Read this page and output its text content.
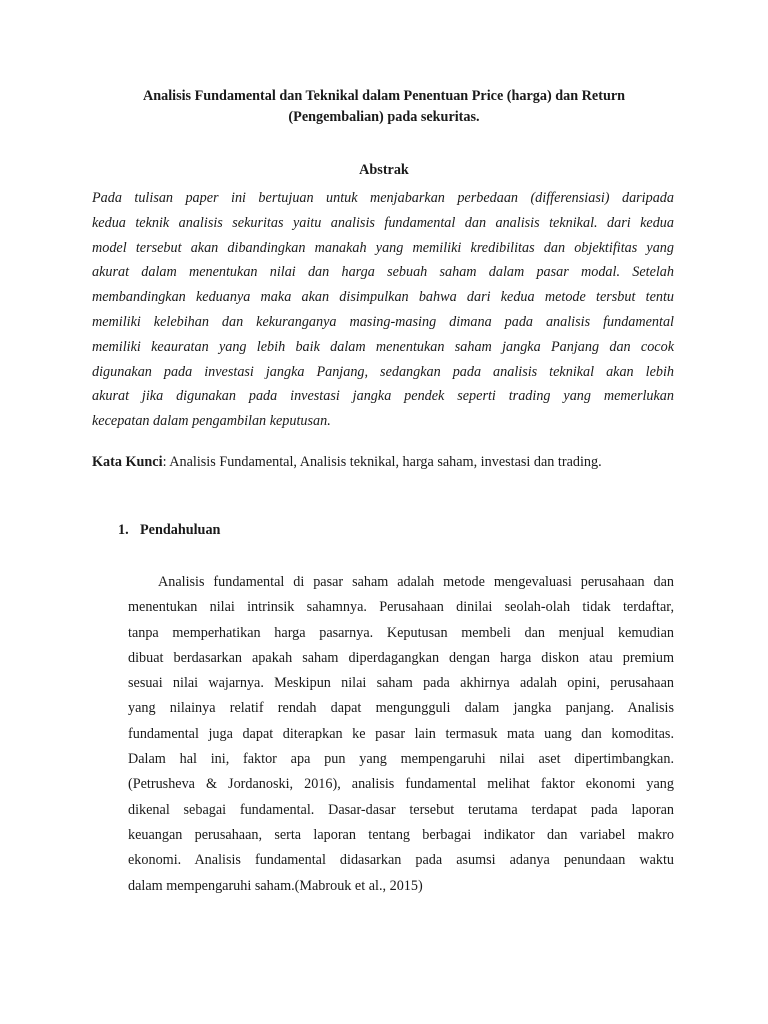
Analisis Fundamental dan Teknikal dalam Penentuan Price (harga) dan Return
(Pengembalian) pada sekuritas.
Abstrak
Pada tulisan paper ini bertujuan untuk menjabarkan perbedaan (differensiasi) daripada
kedua teknik analisis sekuritas yaitu analisis fundamental dan analisis teknikal. dari kedua
model tersebut akan dibandingkan manakah yang memiliki kredibilitas dan objektifitas yang
akurat dalam menentukan nilai dan harga sebuah saham dalam pasar modal. Setelah
membandingkan keduanya maka akan disimpulkan bahwa dari kedua metode tersbut tentu
memiliki kelebihan dan kekuranganya masing-masing dimana pada analisis fundamental
memiliki keauratan yang lebih baik dalam menentukan saham jangka Panjang dan cocok
digunakan pada investasi jangka Panjang, sedangkan pada analisis teknikal akan lebih
akurat jika digunakan pada investasi jangka pendek seperti trading yang memerlukan
kecepatan dalam pengambilan keputusan.
Kata Kunci: Analisis Fundamental, Analisis teknikal, harga saham, investasi dan trading.
1. Pendahuluan
Analisis fundamental di pasar saham adalah metode mengevaluasi perusahaan dan
menentukan nilai intrinsik sahamnya. Perusahaan dinilai seolah-olah tidak terdaftar,
tanpa memperhatikan harga pasarnya. Keputusan membeli dan menjual kemudian
dibuat berdasarkan apakah saham diperdagangkan dengan harga diskon atau premium
sesuai nilai wajarnya. Meskipun nilai saham pada akhirnya adalah opini, perusahaan
yang nilainya relatif rendah dapat mengungguli dalam jangka panjang. Analisis
fundamental juga dapat diterapkan ke pasar lain termasuk mata uang dan komoditas.
Dalam hal ini, faktor apa pun yang mempengaruhi nilai aset dipertimbangkan.
(Petrusheva & Jordanoski, 2016), analisis fundamental melihat faktor ekonomi yang
dikenal sebagai fundamental. Dasar-dasar tersebut terutama terdapat pada laporan
keuangan perusahaan, serta laporan tentang berbagai indikator dan variabel makro
ekonomi. Analisis fundamental didasarkan pada asumsi adanya penundaan waktu
dalam mempengaruhi saham.(Mabrouk et al., 2015)
